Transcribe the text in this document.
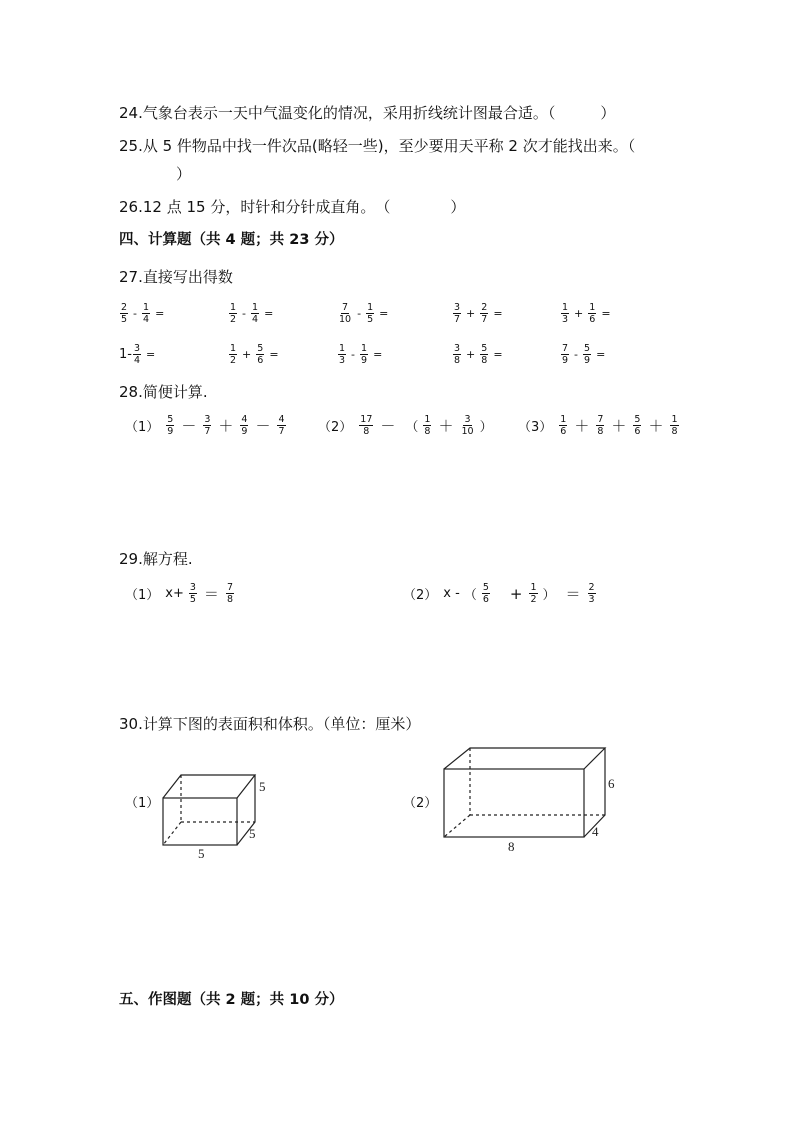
24.气象台表示一天中气温变化的情况，采用折线统计图最合适。（　　　）
25.从 5 件物品中找一件次品(略轻一些)，至少要用天平称 2 次才能找出来。（
）
26.12 点 15 分，时针和分针成直角。　（　　　　）
四、计算题（共 4 题；共 23 分）
27.直接写出得数
$\frac{2}{5} - \frac{1}{4}$ =	$\frac{1}{2} - \frac{1}{4}$ =	$\frac{7}{10} - \frac{1}{5}$ =	$\frac{3}{7} + \frac{2}{7}$ =	$\frac{1}{3} + \frac{1}{6}$ =
$1- \frac{3}{4}$ =	$\frac{1}{2} + \frac{5}{6}$ =	$\frac{1}{3} - \frac{1}{9}$ =	$\frac{3}{8} + \frac{5}{8}$ =	$\frac{7}{9} - \frac{5}{9}$ =
28.简便计算.
$(1) \frac{5}{9} - \frac{3}{7} + \frac{4}{9} - \frac{4}{7} (2) \frac{17}{8}$ － （ $\frac{1}{8} + \frac{3}{10}$ ） $(3) \frac{1}{6} + \frac{7}{8} + \frac{5}{6} + \frac{1}{8}$
29.解方程.
（1） $x+ \frac{3}{5} = \frac{7}{8}$	（2） x - （ $\frac{5}{6} + \frac{1}{2}$ ） ＝ $\frac{2}{3}$
30.计算下图的表面积和体积。（单位：厘米）
（1）	（2）
5
5
5
6
4
8
五、作图题（共 2 题；共 10 分）
